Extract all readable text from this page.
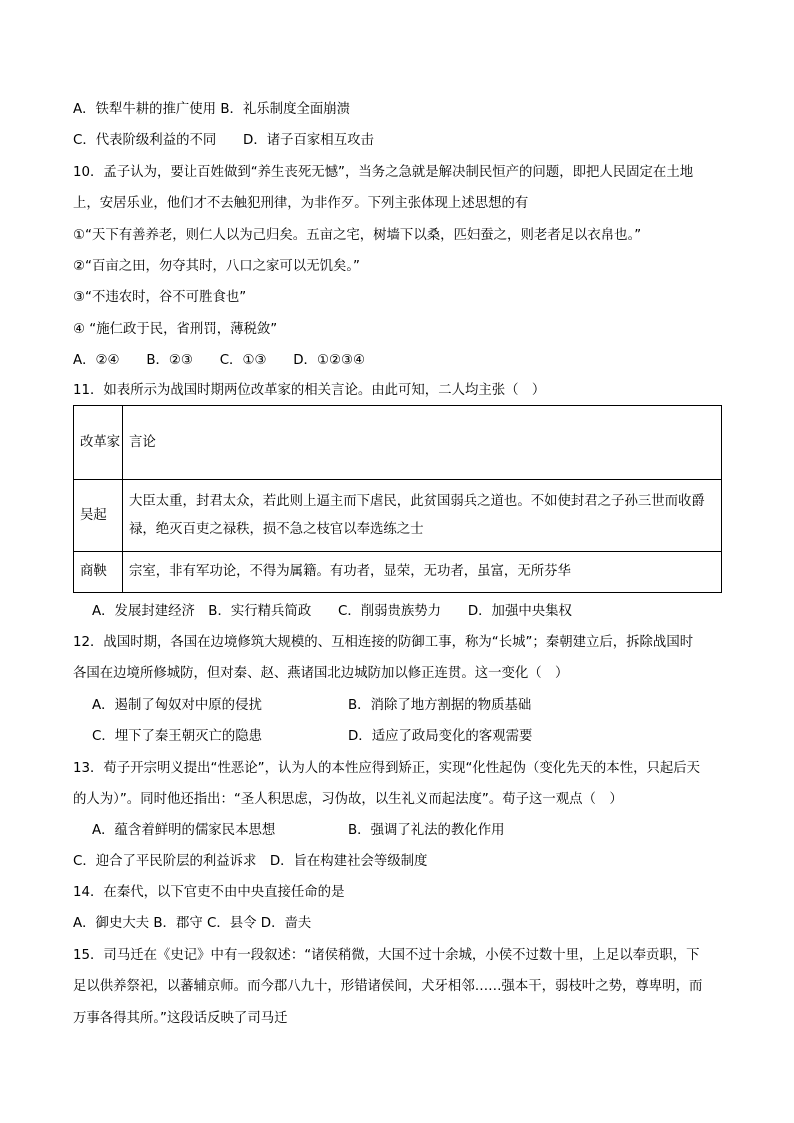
A．铁犁牛耕的推广使用 B．礼乐制度全面崩溃
C．代表阶级利益的不同　　D．诸子百家相互攻击
10．孟子认为，要让百姓做到“养生丧死无憾”，当务之急就是解决制民恒产的问题，即把人民固定在土地
上，安居乐业，他们才不去触犯刑律，为非作歹。下列主张体现上述思想的有
①“天下有善养老，则仁人以为己归矣。五亩之宅，树墙下以桑，匹妇蚕之，则老者足以衣帛也。”
②“百亩之田，勿夺其时，八口之家可以无饥矣。”
③“不违农时，谷不可胜食也”
④ “施仁政于民，省刑罚，薄税敛”
A．②④　　B．②③　　C．①③　　D．①②③④
11．如表所示为战国时期两位改革家的相关言论。由此可知，二人均主张（　）
改革家	言论
吴起	大臣太重，封君太众，若此则上逼主而下虐民，此贫国弱兵之道也。不如使封君之子孙三世而收爵禄，绝灭百吏之禄秩，损不急之枝官以奉选练之士
商鞅	宗室，非有军功论，不得为属籍。有功者，显荣，无功者，虽富，无所芬华
A．发展封建经济　B．实行精兵简政　　C．削弱贵族势力　　D．加强中央集权
12．战国时期，各国在边境修筑大规模的、互相连接的防御工事，称为“长城”；秦朝建立后，拆除战国时
各国在边境所修城防，但对秦、赵、燕诸国北边城防加以修正连贯。这一变化（　）
A．遏制了匈奴对中原的侵扰	B．消除了地方割据的物质基础
C．埋下了秦王朝灭亡的隐患	D．适应了政局变化的客观需要
13．荀子开宗明义提出“性恶论”，认为人的本性应得到矫正，实现“化性起伪（变化先天的本性，只起后天
的人为）”。同时他还指出：“圣人积思虑，习伪故，以生礼义而起法度”。荀子这一观点（　）
A．蕴含着鲜明的儒家民本思想	B．强调了礼法的教化作用
C．迎合了平民阶层的利益诉求　D．旨在构建社会等级制度
14．在秦代，以下官吏不由中央直接任命的是
A．御史大夫 B．郡守 C．县令 D．啬夫
15．司马迁在《史记》中有一段叙述：“诸侯稍微，大国不过十余城，小侯不过数十里，上足以奉贡职，下
足以供养祭祀，以蕃辅京师。而今郡八九十，形错诸侯间，犬牙相邻……强本干，弱枝叶之势，尊卑明，而
万事各得其所。”这段话反映了司马迁
